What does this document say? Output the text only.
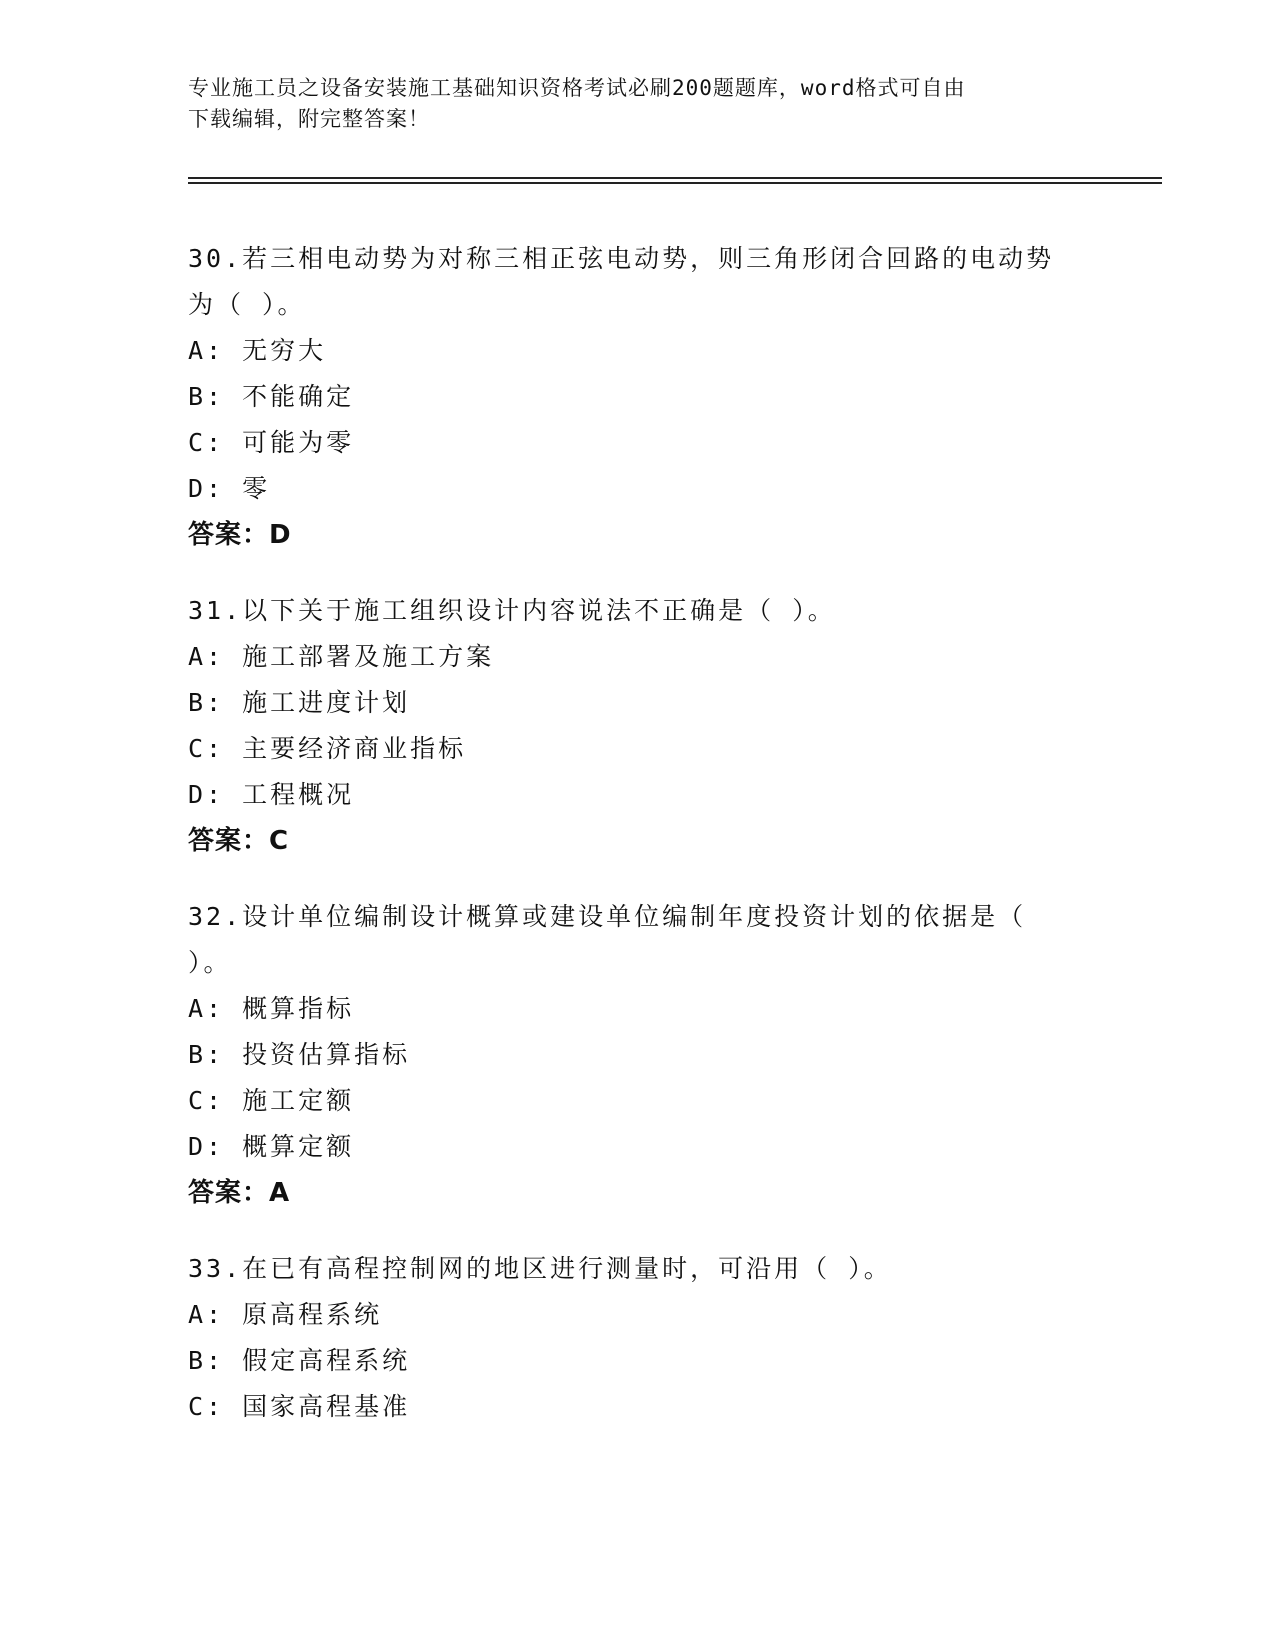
专业施工员之设备安装施工基础知识资格考试必刷200题题库，word格式可自由
下载编辑，附完整答案！
30.若三相电动势为对称三相正弦电动势，则三角形闭合回路的电动势
为（ ）。
A: 无穷大
B: 不能确定
C: 可能为零
D: 零
答案：D
31.以下关于施工组织设计内容说法不正确是（ ）。
A: 施工部署及施工方案
B: 施工进度计划
C: 主要经济商业指标
D: 工程概况
答案：C
32.设计单位编制设计概算或建设单位编制年度投资计划的依据是（
）。
A: 概算指标
B: 投资估算指标
C: 施工定额
D: 概算定额
答案：A
33.在已有高程控制网的地区进行测量时，可沿用（ ）。
A: 原高程系统
B: 假定高程系统
C: 国家高程基准
